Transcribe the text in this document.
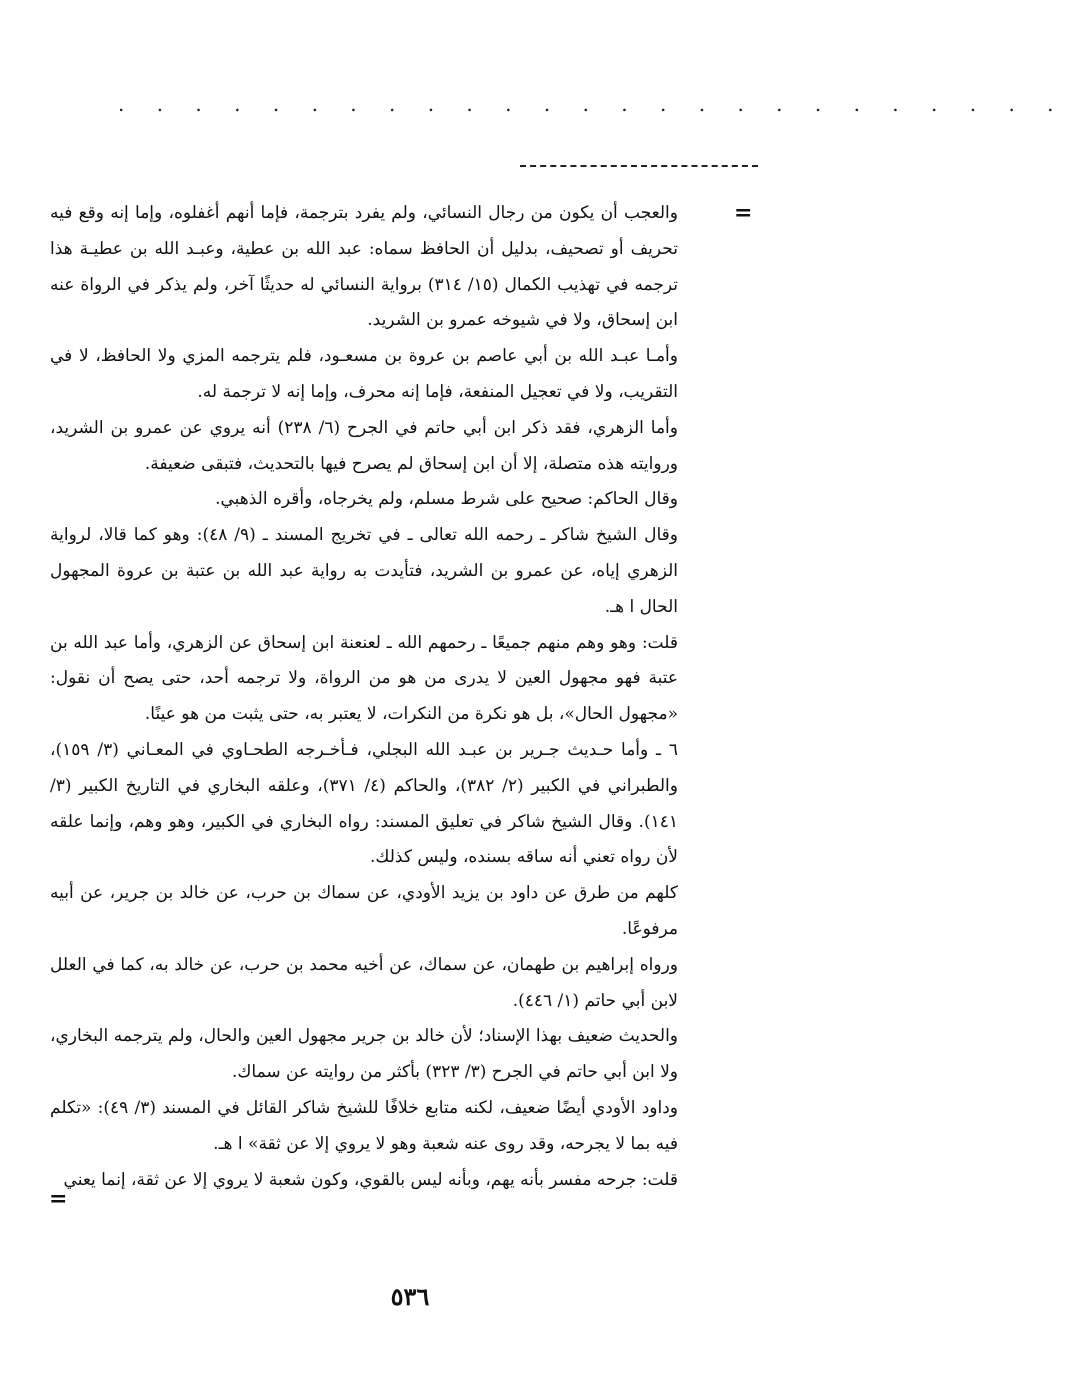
. . . . . . . . . . . . . . . . . . . . . . . . .
=

والعجب أن يكون من رجال النسائي، ولم يفرد بترجمة، فإما أنهم أغفلوه، وإما إنه وقع فيه تحريف أو تصحيف، بدليل أن الحافظ سماه: عبد الله بن عطية، وعبـد الله بن عطيـة هذا ترجمه في تهذيب الكمال (١٥/ ٣١٤) برواية النسائي له حديثًا آخر، ولم يذكر في الرواة عنه ابن إسحاق، ولا في شيوخه عمرو بن الشريد.

وأمـا عبـد الله بن أبي عاصم بن عروة بن مسعـود، فلم يترجمه المزي ولا الحافظ، لا في التقريب، ولا في تعجيل المنفعة، فإما إنه محرف، وإما إنه لا ترجمة له.

وأما الزهري، فقد ذكر ابن أبي حاتم في الجرح (٦/ ٢٣٨) أنه يروي عن عمرو بن الشريد، وروايته هذه متصلة، إلا أن ابن إسحاق لم يصرح فيها بالتحديث، فتبقى ضعيفة.

وقال الحاكم: صحيح على شرط مسلم، ولم يخرجاه، وأقره الذهبي.

وقال الشيخ شاكر ـ رحمه الله تعالى ـ في تخريج المسند ـ (٩/ ٤٨): وهو كما قالا، لرواية الزهري إياه، عن عمرو بن الشريد، فتأيدت به رواية عبد الله بن عتبة بن عروة المجهول الحال ا هـ.

قلت: وهو وهم منهم جميعًا ـ رحمهم الله ـ لعنعنة ابن إسحاق عن الزهري، وأما عبد الله بن عتبة فهو مجهول العين لا يدرى من هو من الرواة، ولا ترجمه أحد، حتى يصح أن نقول: «مجهول الحال»، بل هو نكرة من النكرات، لا يعتبر به، حتى يثبت من هو عينًا.

٦ ـ وأما حـديث جـرير بن عبـد الله البجلي، فـأخـرجه الطحـاوي في المعـاني (٣/ ١٥٩)، والطبراني في الكبير (٢/ ٣٨٢)، والحاكم (٤/ ٣٧١)، وعلقه البخاري في التاريخ الكبير (٣/ ١٤١). وقال الشيخ شاكر في تعليق المسند: رواه البخاري في الكبير، وهو وهم، وإنما علقه لأن رواه تعني أنه ساقه بسنده، وليس كذلك.

كلهم من طرق عن داود بن يزيد الأودي، عن سماك بن حرب، عن خالد بن جرير، عن أبيه مرفوعًا.

ورواه إبراهيم بن طهمان، عن سماك، عن أخيه محمد بن حرب، عن خالد به، كما في العلل لابن أبي حاتم (١/ ٤٤٦).

والحديث ضعيف بهذا الإسناد؛ لأن خالد بن جرير مجهول العين والحال، ولم يترجمه البخاري، ولا ابن أبي حاتم في الجرح (٣/ ٣٢٣) بأكثر من روايته عن سماك.

وداود الأودي أيضًا ضعيف، لكنه متابع خلافًا للشيخ شاكر القائل في المسند (٣/ ٤٩): «تكلم فيه بما لا يجرحه، وقد روى عنه شعبة وهو لا يروي إلا عن ثقة» ا هـ.

قلت: جرحه مفسر بأنه يهم، وبأنه ليس بالقوي، وكون شعبة لا يروي إلا عن ثقة، إنما يعني

=
٥٣٦
